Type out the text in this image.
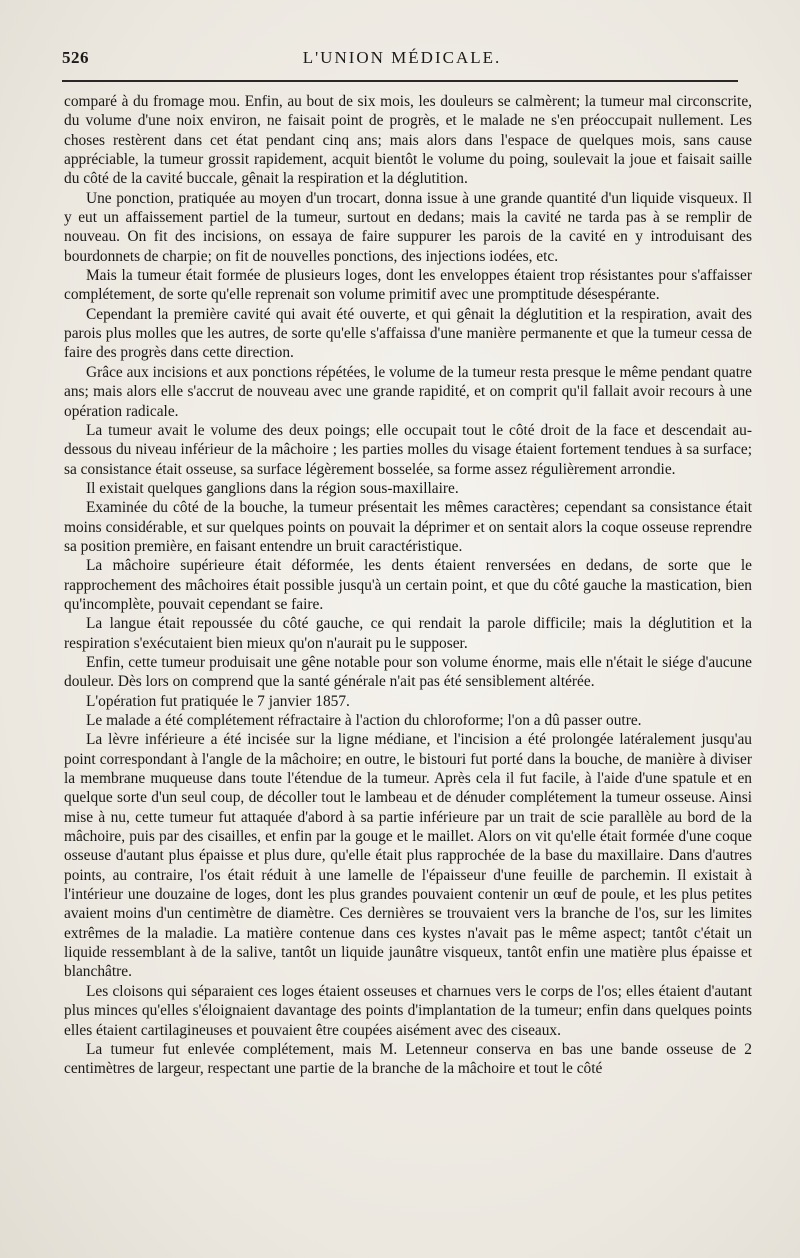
526	L'UNION MÉDICALE.

comparé à du fromage mou. Enfin, au bout de six mois, les douleurs se calmèrent; la tumeur mal circonscrite, du volume d'une noix environ, ne faisait point de progrès, et le malade ne s'en préoccupait nullement. Les choses restèrent dans cet état pendant cinq ans; mais alors dans l'espace de quelques mois, sans cause appréciable, la tumeur grossit rapidement, acquit bientôt le volume du poing, soulevait la joue et faisait saille du côté de la cavité buccale, gênait la respiration et la déglutition.

Une ponction, pratiquée au moyen d'un trocart, donna issue à une grande quantité d'un liquide visqueux. Il y eut un affaissement partiel de la tumeur, surtout en dedans; mais la cavité ne tarda pas à se remplir de nouveau. On fit des incisions, on essaya de faire suppurer les parois de la cavité en y introduisant des bourdonnets de charpie; on fit de nouvelles ponctions, des injections iodées, etc.

Mais la tumeur était formée de plusieurs loges, dont les enveloppes étaient trop résistantes pour s'affaisser complétement, de sorte qu'elle reprenait son volume primitif avec une promptitude désespérante.

Cependant la première cavité qui avait été ouverte, et qui gênait la déglutition et la respiration, avait des parois plus molles que les autres, de sorte qu'elle s'affaissa d'une manière permanente et que la tumeur cessa de faire des progrès dans cette direction.

Grâce aux incisions et aux ponctions répétées, le volume de la tumeur resta presque le même pendant quatre ans; mais alors elle s'accrut de nouveau avec une grande rapidité, et on comprit qu'il fallait avoir recours à une opération radicale.

La tumeur avait le volume des deux poings; elle occupait tout le côté droit de la face et descendait au-dessous du niveau inférieur de la mâchoire ; les parties molles du visage étaient fortement tendues à sa surface; sa consistance était osseuse, sa surface légèrement bosselée, sa forme assez régulièrement arrondie.

Il existait quelques ganglions dans la région sous-maxillaire.

Examinée du côté de la bouche, la tumeur présentait les mêmes caractères; cependant sa consistance était moins considérable, et sur quelques points on pouvait la déprimer et on sentait alors la coque osseuse reprendre sa position première, en faisant entendre un bruit caractéristique.

La mâchoire supérieure était déformée, les dents étaient renversées en dedans, de sorte que le rapprochement des mâchoires était possible jusqu'à un certain point, et que du côté gauche la mastication, bien qu'incomplète, pouvait cependant se faire.

La langue était repoussée du côté gauche, ce qui rendait la parole difficile; mais la déglutition et la respiration s'exécutaient bien mieux qu'on n'aurait pu le supposer.

Enfin, cette tumeur produisait une gêne notable pour son volume énorme, mais elle n'était le siége d'aucune douleur. Dès lors on comprend que la santé générale n'ait pas été sensiblement altérée.

L'opération fut pratiquée le 7 janvier 1857.

Le malade a été complétement réfractaire à l'action du chloroforme; l'on a dû passer outre.

La lèvre inférieure a été incisée sur la ligne médiane, et l'incision a été prolongée latéralement jusqu'au point correspondant à l'angle de la mâchoire; en outre, le bistouri fut porté dans la bouche, de manière à diviser la membrane muqueuse dans toute l'étendue de la tumeur. Après cela il fut facile, à l'aide d'une spatule et en quelque sorte d'un seul coup, de décoller tout le lambeau et de dénuder complétement la tumeur osseuse. Ainsi mise à nu, cette tumeur fut attaquée d'abord à sa partie inférieure par un trait de scie parallèle au bord de la mâchoire, puis par des cisailles, et enfin par la gouge et le maillet. Alors on vit qu'elle était formée d'une coque osseuse d'autant plus épaisse et plus dure, qu'elle était plus rapprochée de la base du maxillaire. Dans d'autres points, au contraire, l'os était réduit à une lamelle de l'épaisseur d'une feuille de parchemin. Il existait à l'intérieur une douzaine de loges, dont les plus grandes pouvaient contenir un œuf de poule, et les plus petites avaient moins d'un centimètre de diamètre. Ces dernières se trouvaient vers la branche de l'os, sur les limites extrêmes de la maladie. La matière contenue dans ces kystes n'avait pas le même aspect; tantôt c'était un liquide ressemblant à de la salive, tantôt un liquide jaunâtre visqueux, tantôt enfin une matière plus épaisse et blanchâtre.

Les cloisons qui séparaient ces loges étaient osseuses et charnues vers le corps de l'os; elles étaient d'autant plus minces qu'elles s'éloignaient davantage des points d'implantation de la tumeur; enfin dans quelques points elles étaient cartilagineuses et pouvaient être coupées aisément avec des ciseaux.

La tumeur fut enlevée complétement, mais M. Letenneur conserva en bas une bande osseuse de 2 centimètres de largeur, respectant une partie de la branche de la mâchoire et tout le côté
